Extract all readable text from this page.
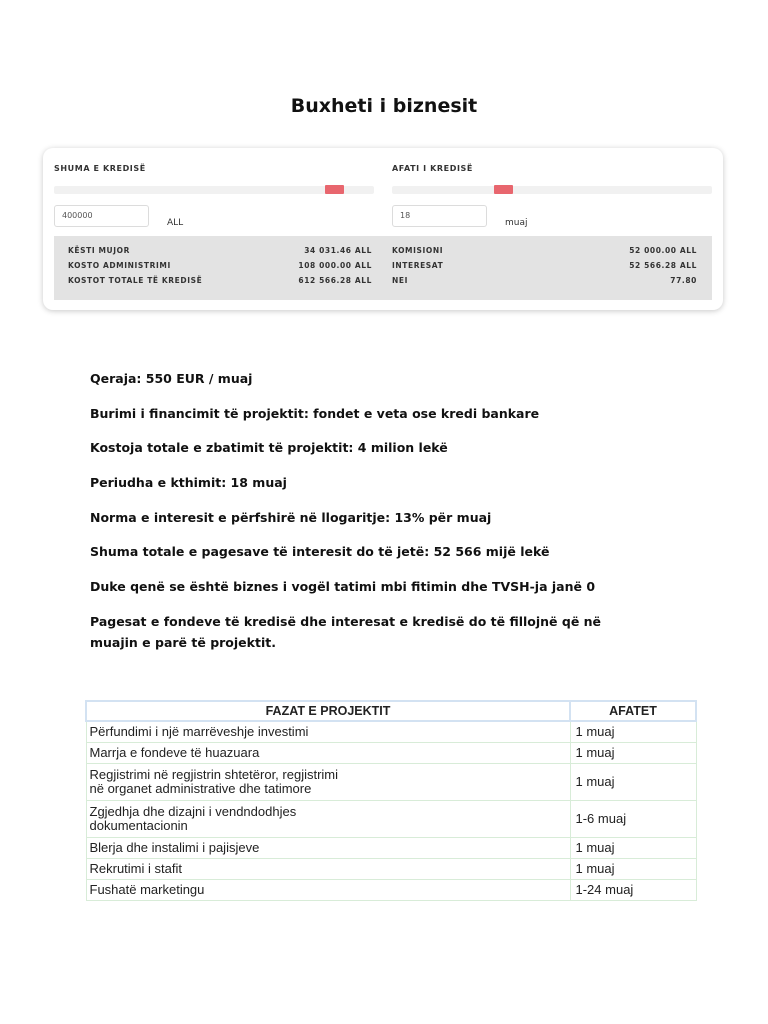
Buxheti i biznesit
SHUMA E KREDISË
400000
ALL
AFATI I KREDISË
18
muaj
KËSTI MUJOR	34 031.46 ALL
KOSTO ADMINISTRIMI	108 000.00 ALL
KOSTOT TOTALE TË KREDISË	612 566.28 ALL
KOMISIONI	52 000.00 ALL
INTERESAT	52 566.28 ALL
NEI	77.80
Qeraja: 550 EUR / muaj
Burimi i financimit të projektit: fondet e veta ose kredi bankare
Kostoja totale e zbatimit të projektit: 4 milion lekë
Periudha e kthimit: 18 muaj
Norma e interesit e përfshirë në llogaritje: 13% për muaj
Shuma totale e pagesave të interesit do të jetë: 52 566 mijë lekë
Duke qenë se është biznes i vogël tatimi mbi fitimin dhe TVSH-ja janë 0
Pagesat e fondeve të kredisë dhe interesat e kredisë do të fillojnë që në muajin e parë të projektit.
FAZAT E PROJEKTIT	AFATET
Përfundimi i një marrëveshje investimi	1 muaj
Marrja e fondeve të huazuara	1 muaj
Regjistrimi në regjistrin shtetëror, regjistrimi
në organet administrative dhe tatimore	1 muaj
Zgjedhja dhe dizajni i vendndodhjes
dokumentacionin	1-6 muaj
Blerja dhe instalimi i pajisjeve	1 muaj
Rekrutimi i stafit	1 muaj
Fushatë marketingu	1-24 muaj
